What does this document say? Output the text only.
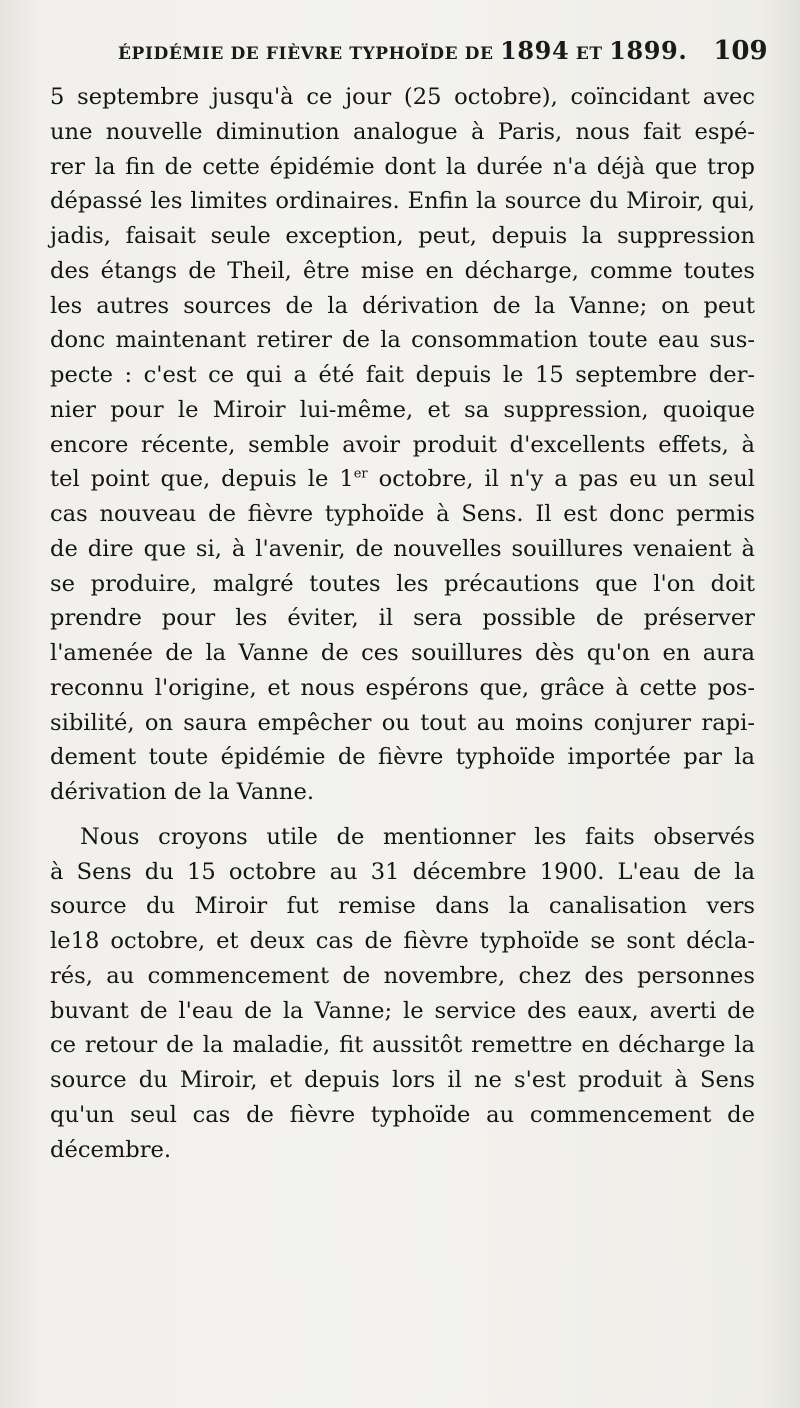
ÉPIDÉMIE DE FIÈVRE TYPHOÏDE DE 1894 ET 1899. 109
5 septembre jusqu'à ce jour (25 octobre), coïncidant avec
une nouvelle diminution analogue à Paris, nous fait espé-
rer la fin de cette épidémie dont la durée n'a déjà que trop
dépassé les limites ordinaires. Enfin la source du Miroir, qui,
jadis, faisait seule exception, peut, depuis la suppression
des étangs de Theil, être mise en décharge, comme toutes
les autres sources de la dérivation de la Vanne; on peut
donc maintenant retirer de la consommation toute eau sus-
pecte : c'est ce qui a été fait depuis le 15 septembre der-
nier pour le Miroir lui-même, et sa suppression, quoique
encore récente, semble avoir produit d'excellents effets, à
tel point que, depuis le 1er octobre, il n'y a pas eu un seul
cas nouveau de fièvre typhoïde à Sens. Il est donc permis
de dire que si, à l'avenir, de nouvelles souillures venaient à
se produire, malgré toutes les précautions que l'on doit
prendre pour les éviter, il sera possible de préserver
l'amenée de la Vanne de ces souillures dès qu'on en aura
reconnu l'origine, et nous espérons que, grâce à cette pos-
sibilité, on saura empêcher ou tout au moins conjurer rapi-
dement toute épidémie de fièvre typhoïde importée par la
dérivation de la Vanne.
Nous croyons utile de mentionner les faits observés
à Sens du 15 octobre au 31 décembre 1900. L'eau de la
source du Miroir fut remise dans la canalisation vers
le18 octobre, et deux cas de fièvre typhoïde se sont décla-
rés, au commencement de novembre, chez des personnes
buvant de l'eau de la Vanne; le service des eaux, averti de
ce retour de la maladie, fit aussitôt remettre en décharge la
source du Miroir, et depuis lors il ne s'est produit à Sens
qu'un seul cas de fièvre typhoïde au commencement de
décembre.
